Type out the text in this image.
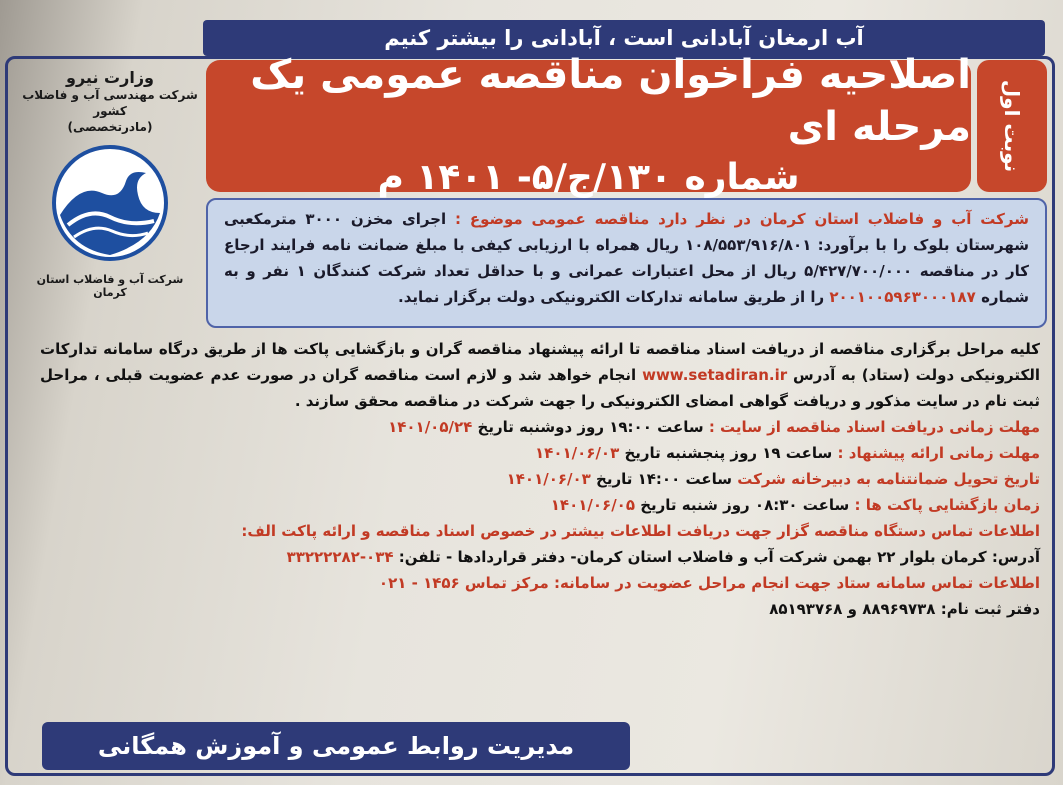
آب ارمغان آبادانی است ، آبادانی را بیشتر کنیم
وزارت نیرو
شرکت مهندسی آب و فاضلاب
کشور
(مادرتخصصی)
شرکت آب و فاضلاب استان کرمان
اصلاحیه فراخوان مناقصه عمومی یک مرحله ای
شماره ۱۳۰/ج/۵- ۱۴۰۱ م
نوبت اول
شرکت آب و فاضلاب استان کرمان در نظر دارد مناقصه عمومی موضوع : اجرای مخزن ۳۰۰۰ مترمکعبی شهرستان بلوک را با برآورد: ۱۰۸/۵۵۳/۹۱۶/۸۰۱ ریال همراه با ارزیابی کیفی با مبلغ ضمانت نامه فرایند ارجاع کار در مناقصه ۵/۴۲۷/۷۰۰/۰۰۰ ریال از محل اعتبارات عمرانی و با حداقل تعداد شرکت کنندگان ۱ نفر و به شماره ۲۰۰۱۰۰۵۹۶۳۰۰۰۱۸۷ را از طریق سامانه تدارکات الکترونیکی دولت برگزار نماید.

کلیه مراحل برگزاری مناقصه از دریافت اسناد مناقصه تا ارائه پیشنهاد مناقصه گران و بازگشایی پاکت ها از طریق درگاه سامانه تدارکات الکترونیکی دولت (ستاد) به آدرس www.setadiran.ir انجام خواهد شد و لازم است مناقصه گران در صورت عدم عضویت قبلی ، مراحل ثبت نام در سایت مذکور و دریافت گواهی امضای الکترونیکی را جهت شرکت در مناقصه محقق سازند .

مهلت زمانی دریافت اسناد مناقصه از سایت : ساعت ۱۹:۰۰ روز دوشنبه تاریخ ۱۴۰۱/۰۵/۲۴

مهلت زمانی ارائه پیشنهاد : ساعت ۱۹ روز پنجشنبه تاریخ ۱۴۰۱/۰۶/۰۳

تاریخ تحویل ضمانتنامه به دبیرخانه شرکت ساعت ۱۴:۰۰ تاریخ ۱۴۰۱/۰۶/۰۳

زمان بازگشایی پاکت ها : ساعت ۰۸:۳۰ روز شنبه تاریخ ۱۴۰۱/۰۶/۰۵

اطلاعات تماس دستگاه مناقصه گزار جهت دریافت اطلاعات بیشتر در خصوص اسناد مناقصه و ارائه پاکت الف:

آدرس: کرمان بلوار ۲۲ بهمن شرکت آب و فاضلاب استان کرمان- دفتر قراردادها - تلفن: ۰۳۴-۳۳۲۲۲۲۸۲

اطلاعات تماس سامانه ستاد جهت انجام مراحل عضویت در سامانه: مرکز تماس ۱۴۵۶ - ۰۲۱

دفتر ثبت نام: ۸۸۹۶۹۷۳۸ و ۸۵۱۹۳۷۶۸

مدیریت روابط عمومی و آموزش همگانی
